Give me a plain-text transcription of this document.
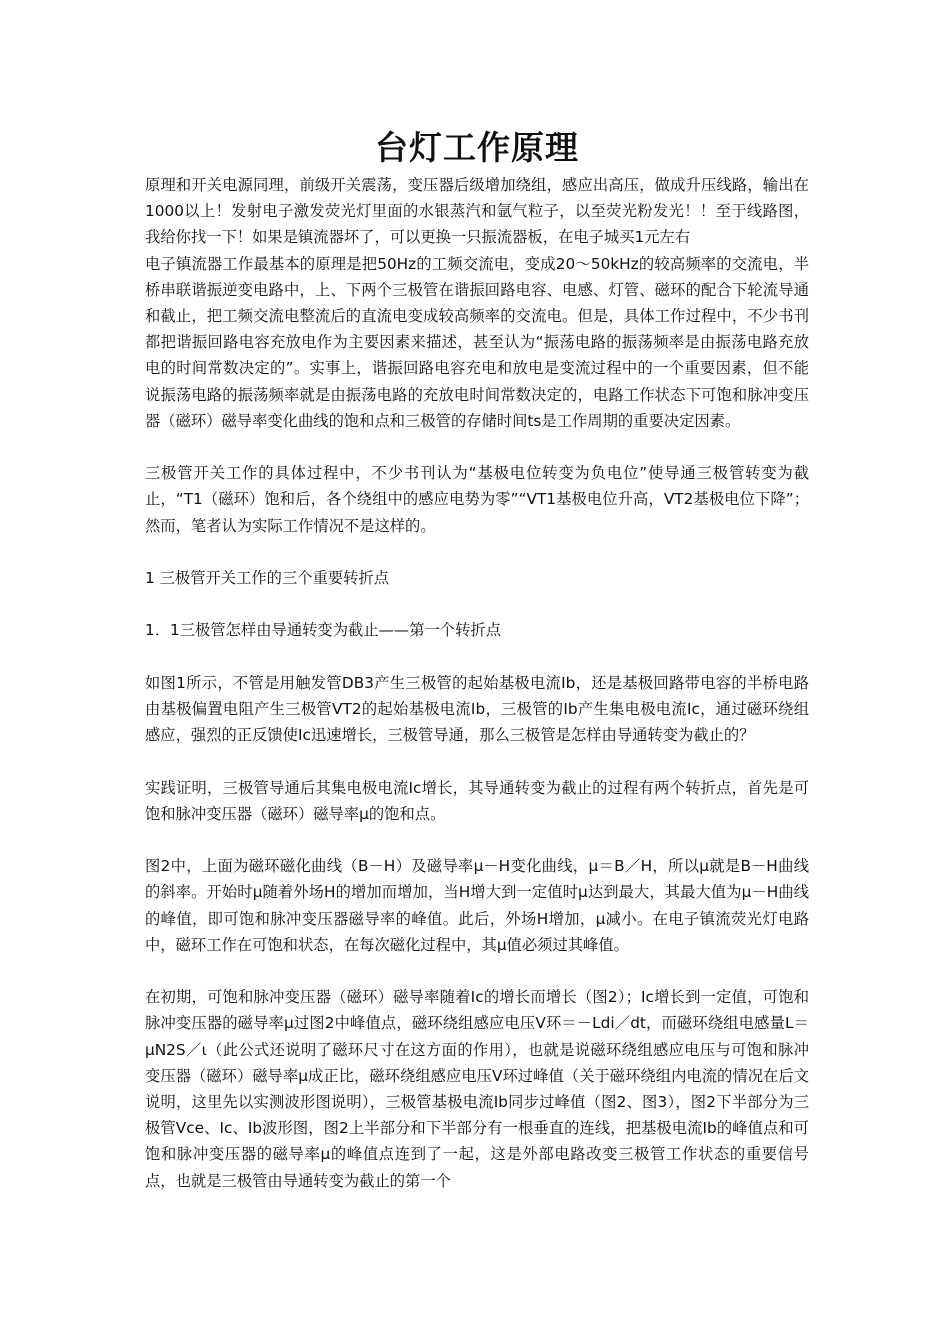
台灯工作原理

原理和开关电源同理，前级开关震荡，变压器后级增加绕组，感应出高压，做成升压线路，输出在1000以上！发射电子激发荧光灯里面的水银蒸汽和氩气粒子，以至荧光粉发光！！至于线路图，我给你找一下！如果是镇流器坏了，可以更换一只振流器板，在电子城买1元左右

电子镇流器工作最基本的原理是把50Hz的工频交流电，变成20～50kHz的较高频率的交流电，半桥串联谐振逆变电路中，上、下两个三极管在谐振回路电容、电感、灯管、磁环的配合下轮流导通和截止，把工频交流电整流后的直流电变成较高频率的交流电。但是，具体工作过程中，不少书刊都把谐振回路电容充放电作为主要因素来描述，甚至认为“振荡电路的振荡频率是由振荡电路充放电的时间常数决定的”。实事上，谐振回路电容充电和放电是变流过程中的一个重要因素，但不能说振荡电路的振荡频率就是由振荡电路的充放电时间常数决定的，电路工作状态下可饱和脉冲变压器（磁环）磁导率变化曲线的饱和点和三极管的存储时间ts是工作周期的重要决定因素。

三极管开关工作的具体过程中，不少书刊认为“基极电位转变为负电位”使导通三极管转变为截止，“T1（磁环）饱和后，各个绕组中的感应电势为零”“VT1基极电位升高，VT2基极电位下降”；然而，笔者认为实际工作情况不是这样的。

1 三极管开关工作的三个重要转折点

1．1三极管怎样由导通转变为截止——第一个转折点

如图1所示，不管是用触发管DB3产生三极管的起始基极电流Ib，还是基极回路带电容的半桥电路由基极偏置电阻产生三极管VT2的起始基极电流Ib，三极管的Ib产生集电极电流Ic，通过磁环绕组感应，强烈的正反馈使Ic迅速增长，三极管导通，那么三极管是怎样由导通转变为截止的？

实践证明，三极管导通后其集电极电流Ic增长，其导通转变为截止的过程有两个转折点，首先是可饱和脉冲变压器（磁环）磁导率μ的饱和点。

图2中，上面为磁环磁化曲线（B－H）及磁导率μ－H变化曲线，μ＝B／H，所以μ就是B－H曲线的斜率。开始时μ随着外场H的增加而增加，当H增大到一定值时μ达到最大，其最大值为μ－H曲线的峰值，即可饱和脉冲变压器磁导率的峰值。此后，外场H增加，μ减小。在电子镇流荧光灯电路中，磁环工作在可饱和状态，在每次磁化过程中，其μ值必须过其峰值。

在初期，可饱和脉冲变压器（磁环）磁导率随着Ic的增长而增长（图2）；Ic增长到一定值，可饱和脉冲变压器的磁导率μ过图2中峰值点，磁环绕组感应电压V环＝－Ldi／dt，而磁环绕组电感量L＝μN2S／ι（此公式还说明了磁环尺寸在这方面的作用），也就是说磁环绕组感应电压与可饱和脉冲变压器（磁环）磁导率μ成正比，磁环绕组感应电压V环过峰值（关于磁环绕组内电流的情况在后文说明，这里先以实测波形图说明），三极管基极电流Ib同步过峰值（图2、图3），图2下半部分为三极管Vce、Ic、Ib波形图，图2上半部分和下半部分有一根垂直的连线，把基极电流Ib的峰值点和可饱和脉冲变压器的磁导率μ的峰值点连到了一起，这是外部电路改变三极管工作状态的重要信号点，也就是三极管由导通转变为截止的第一个
